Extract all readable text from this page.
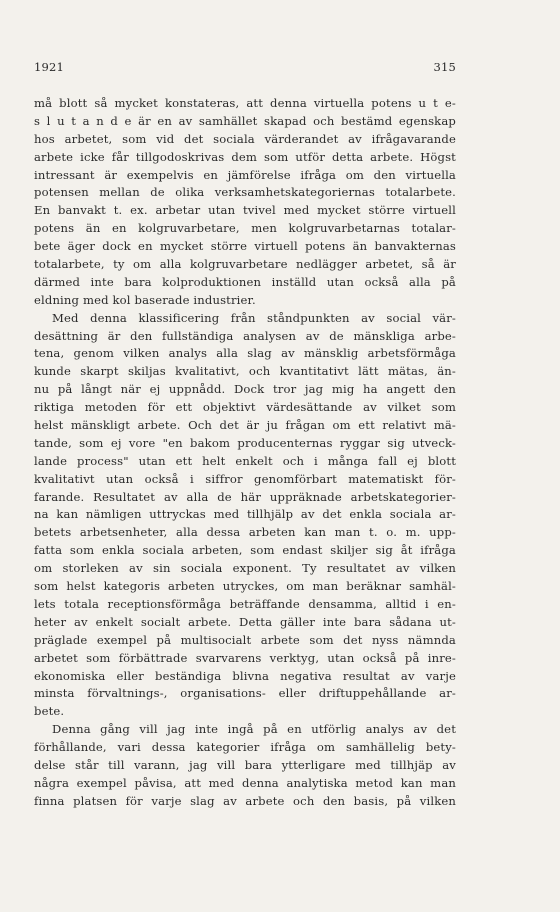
1921	315
må blott så mycket konstateras, att denna virtuella potens u t e-
s l u t a n d e är en av samhället skapad och bestämd egenskap
hos arbetet, som vid det sociala värderandet av ifrågavarande
arbete icke får tillgodoskrivas dem som utför detta arbete. Högst
intressant är exempelvis en jämförelse ifråga om den virtuella
potensen mellan de olika verksamhetskategoriernas totalarbete.
En banvakt t. ex. arbetar utan tvivel med mycket större virtuell
potens än en kolgruvarbetare, men kolgruvarbetarnas totalar-
bete äger dock en mycket större virtuell potens än banvakternas
totalarbete, ty om alla kolgruvarbetare nedlägger arbetet, så är
därmed inte bara kolproduktionen inställd utan också alla på
eldning med kol baserade industrier.
Med denna klassificering från ståndpunkten av social vär-
desättning är den fullständiga analysen av de mänskliga arbe-
tena, genom vilken analys alla slag av mänsklig arbetsförmåga
kunde skarpt skiljas kvalitativt, och kvantitativt lätt mätas, än-
nu på långt när ej uppnådd. Dock tror jag mig ha angett den
riktiga metoden för ett objektivt värdesättande av vilket som
helst mänskligt arbete. Och det är ju frågan om ett relativt mä-
tande, som ej vore "en bakom producenternas ryggar sig utveck-
lande process" utan ett helt enkelt och i många fall ej blott
kvalitativt utan också i siffror genomförbart matematiskt för-
farande. Resultatet av alla de här uppräknade arbetskategorier-
na kan nämligen uttryckas med tillhjälp av det enkla sociala ar-
betets arbetsenheter, alla dessa arbeten kan man t. o. m. upp-
fatta som enkla sociala arbeten, som endast skiljer sig åt ifråga
om storleken av sin sociala exponent. Ty resultatet av vilken
som helst kategoris arbeten utryckes, om man beräknar samhäl-
lets totala receptionsförmåga beträffande densamma, alltid i en-
heter av enkelt socialt arbete. Detta gäller inte bara sådana ut-
präglade exempel på multisocialt arbete som det nyss nämnda
arbetet som förbättrade svarvarens verktyg, utan också på inre-
ekonomiska eller beständiga blivna negativa resultat av varje
minsta förvaltnings-, organisations- eller driftuppehållande ar-
bete.
Denna gång vill jag inte ingå på en utförlig analys av det
förhållande, vari dessa kategorier ifråga om samhällelig bety-
delse står till varann, jag vill bara ytterligare med tillhjäp av
några exempel påvisa, att med denna analytiska metod kan man
finna platsen för varje slag av arbete och den basis, på vilken
